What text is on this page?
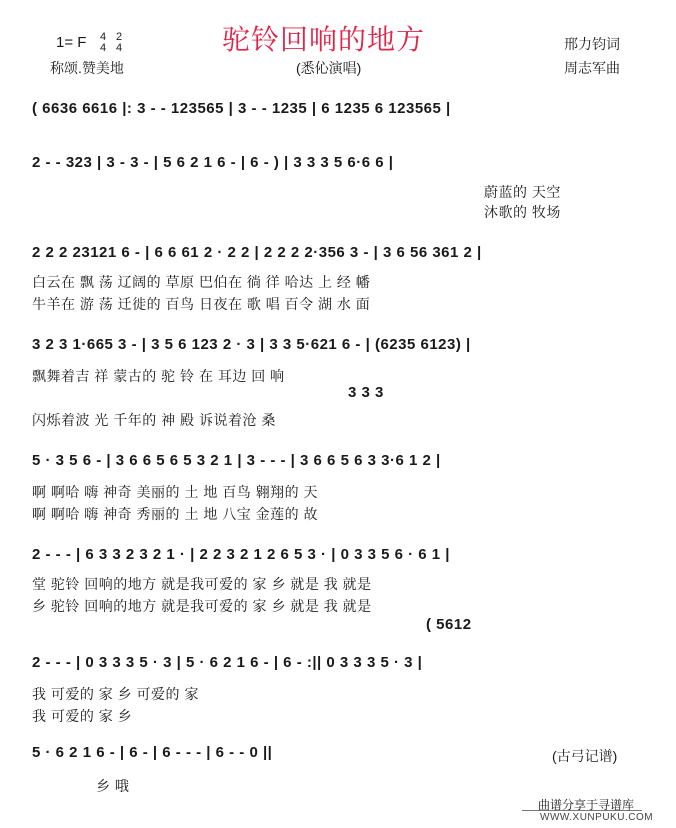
1= F 4
4
2
4	驼铃回响的地方
称颂.赞美地	(悉伈演唱)
邢力钧词
周志军曲
( 6636 6616 |: 3 - - 123565 | 3 - - 1235 | 6 1235 6 123565 |
2 - - 323 | 3 - 3 - | 5 6 2 1 6 - | 6 - ) | 3 3 3 5 6·6 6 |
蔚蓝的 天空
沐歌的 牧场
2 2 2 23121 6 - | 6 6 61 2 · 2 2 | 2 2 2 2·356 3 - | 3 6 56 361 2 |
白云在 飘 荡 辽阔的 草原 巴伯在 徜 徉 哈达 上 经 幡
牛羊在 游 荡 迁徙的 百鸟 日夜在 歌 唱 百令 湖 水 面
3 2 3 1·665 3 - | 3 5 6 123 2 · 3 | 3 3 5·621 6 - | (6235 6123) |
飘舞着吉 祥 蒙古的 驼 铃 在 耳边 回 响
3 3 3
闪烁着波 光 千年的 神 殿 诉说着沧 桑
5 · 3 5 6 - | 3 6 6 5 6 5 3 2 1 | 3 - - - | 3 6 6 5 6 3 3·6 1 2 |
啊 啊哈 嗨 神奇 美丽的 土 地 百鸟 翱翔的 天
啊 啊哈 嗨 神奇 秀丽的 土 地 八宝 金莲的 故
2 - - - | 6 3 3 2 3 2 1 · | 2 2 3 2 1 2 6 5 3 · | 0 3 3 5 6 · 6 1 |
堂 驼铃 回响的地方 就是我可爱的 家 乡 就是 我 就是
乡 驼铃 回响的地方 就是我可爱的 家 乡 就是 我 就是
( 5612
2 - - - | 0 3 3 3 5 · 3 | 5 · 6 2 1 6 - | 6 - :|| 0 3 3 3 5 · 3 |
我 可爱的 家 乡 可爱的 家
我 可爱的 家 乡
5 · 6 2 1 6 - | 6 - | 6 - - - | 6 - - 0 ||
乡 哦
(古弓记谱)
曲谱分享于寻谱库
WWW.XUNPUKU.COM
